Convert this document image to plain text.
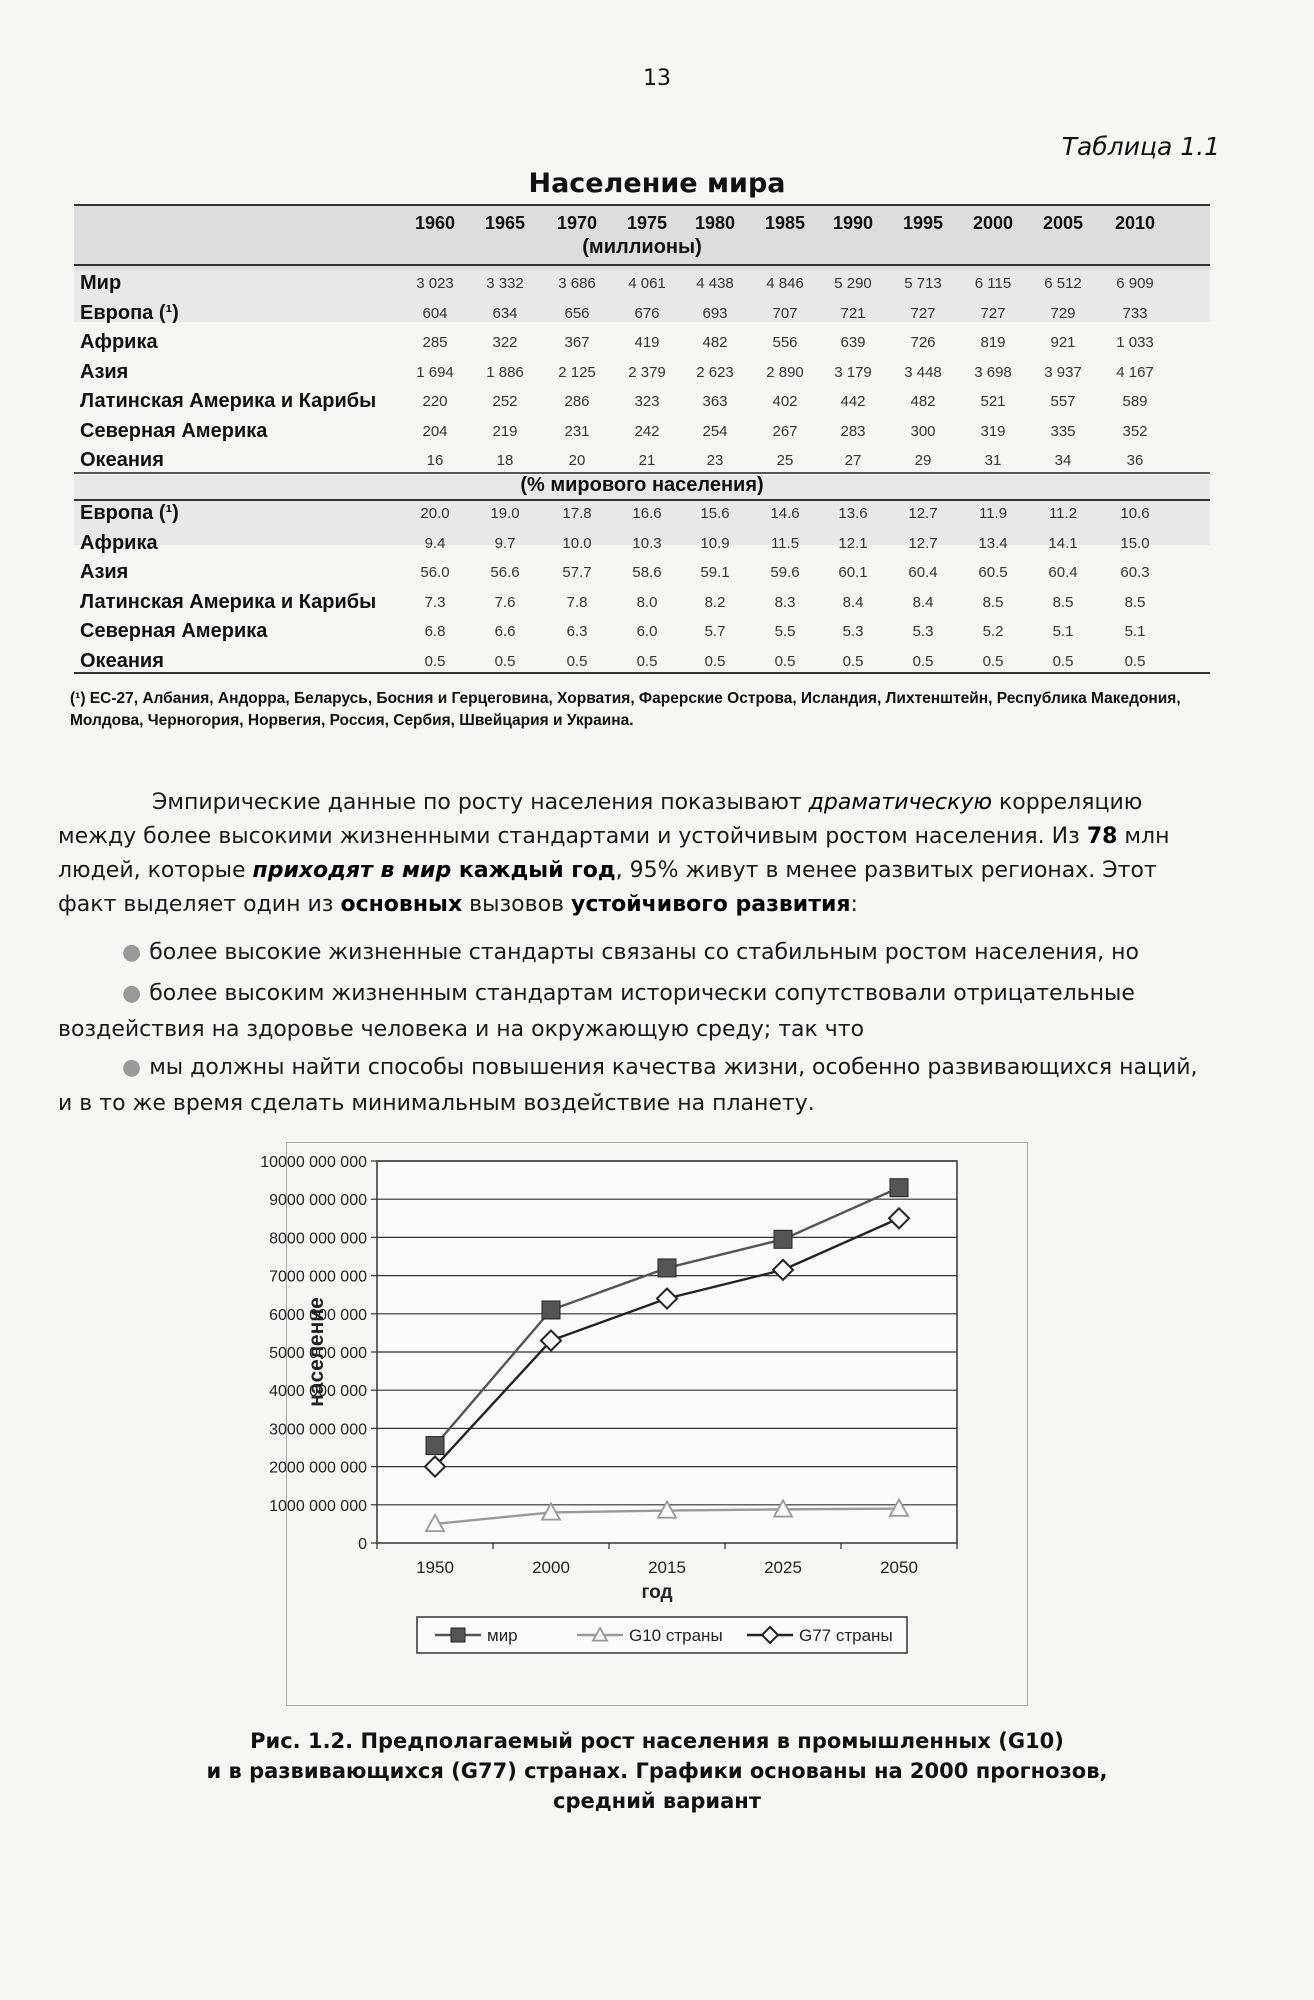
13
Таблица 1.1
Население мира
1960	1965	1970	1975	1980	1985	1990	1995	2000	2005	2010
(миллионы)
Мир	3 023	3 332	3 686	4 061	4 438	4 846	5 290	5 713	6 115	6 512	6 909
Европа (¹)	604	634	656	676	693	707	721	727	727	729	733
Африка	285	322	367	419	482	556	639	726	819	921	1 033
Азия	1 694	1 886	2 125	2 379	2 623	2 890	3 179	3 448	3 698	3 937	4 167
Латинская Америка и Карибы	220	252	286	323	363	402	442	482	521	557	589
Северная Америка	204	219	231	242	254	267	283	300	319	335	352
Океания	16	18	20	21	23	25	27	29	31	34	36
(% мирового населения)
Европа (¹)	20.0	19.0	17.8	16.6	15.6	14.6	13.6	12.7	11.9	11.2	10.6
Африка	9.4	9.7	10.0	10.3	10.9	11.5	12.1	12.7	13.4	14.1	15.0
Азия	56.0	56.6	57.7	58.6	59.1	59.6	60.1	60.4	60.5	60.4	60.3
Латинская Америка и Карибы	7.3	7.6	7.8	8.0	8.2	8.3	8.4	8.4	8.5	8.5	8.5
Северная Америка	6.8	6.6	6.3	6.0	5.7	5.5	5.3	5.3	5.2	5.1	5.1
Океания	0.5	0.5	0.5	0.5	0.5	0.5	0.5	0.5	0.5	0.5	0.5
(¹) ЕС-27, Албания, Андорра, Беларусь, Босния и Герцеговина, Хорватия, Фарерские Острова, Исландия, Лихтенштейн, Республика Македония, Молдова, Черногория, Норвегия, Россия, Сербия, Швейцария и Украина.
Эмпирические данные по росту населения показывают драматическую корреляцию между более высокими жизненными стандартами и устойчивым ростом населения. Из 78 млн людей, которые приходят в мир каждый год, 95% живут в менее развитых регионах. Этот факт выделяет один из основных вызовов устойчивого развития:
● более высокие жизненные стандарты связаны со стабильным ростом населения, но
● более высоким жизненным стандартам исторически сопутствовали отрицательные воздействия на здоровье человека и на окружающую среду; так что
● мы должны найти способы повышения качества жизни, особенно развивающихся наций, и в то же время сделать минимальным воздействие на планету.
0
1000 000 000
2000 000 000
3000 000 000
4000 000 000
5000 000 000
6000 000 000
7000 000 000
8000 000 000
9000 000 000
10000 000 000
1950	2000	2015	2025	2050
год
население
мир	G10 страны	G77 страны
Рис. 1.2. Предполагаемый рост населения в промышленных (G10)
и в развивающихся (G77) странах. Графики основаны на 2000 прогнозов,
средний вариант
